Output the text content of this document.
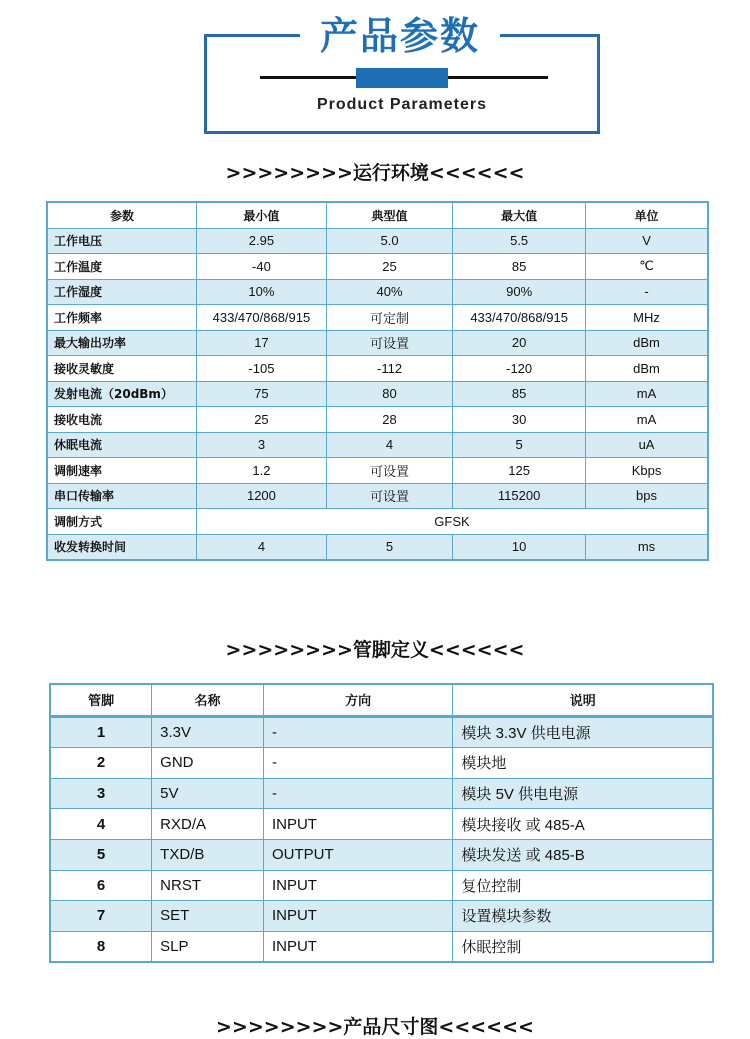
产品参数
Product Parameters
>>>>>>>>运行环境<<<<<<
参数	最小值	典型值	最大值	单位
工作电压	2.95	5.0	5.5	V
工作温度	-40	25	85	℃
工作湿度	10%	40%	90%	-
工作频率	433/470/868/915	可定制	433/470/868/915	MHz
最大输出功率	17	可设置	20	dBm
接收灵敏度	-105	-112	-120	dBm
发射电流（20dBm）	75	80	85	mA
接收电流	25	28	30	mA
休眠电流	3	4	5	uA
调制速率	1.2	可设置	125	Kbps
串口传输率	1200	可设置	115200	bps
调制方式	GFSK			
收发转换时间	4	5	10	ms
>>>>>>>>管脚定义<<<<<<
管脚	名称	方向	说明
1	3.3V	-	模块 3.3V 供电电源
2	GND	-	模块地
3	5V	-	模块 5V 供电电源
4	RXD/A	INPUT	模块接收 或 485-A
5	TXD/B	OUTPUT	模块发送 或 485-B
6	NRST	INPUT	复位控制
7	SET	INPUT	设置模块参数
8	SLP	INPUT	休眠控制
>>>>>>>>产品尺寸图<<<<<<
